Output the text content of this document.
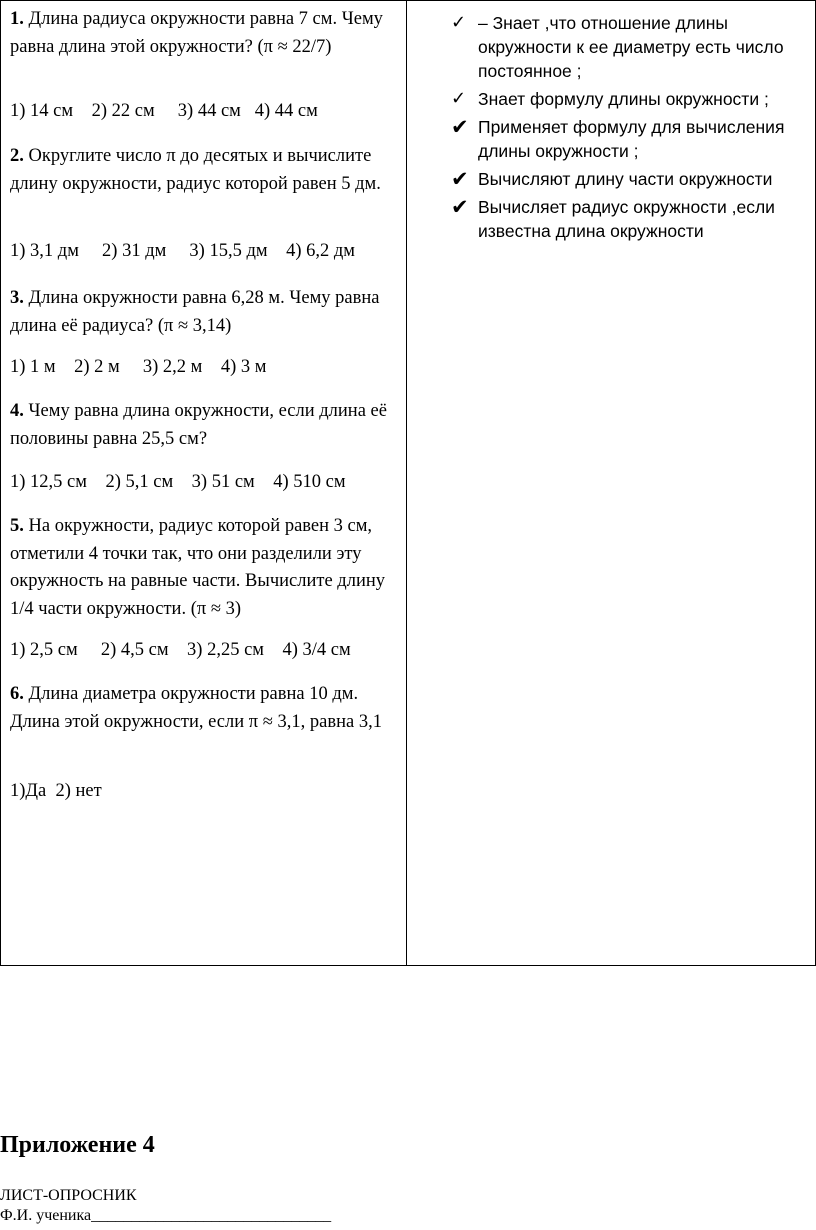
1. Длина радиуса окружности равна 7 см. Чему равна длина этой окружности? (π ≈ 22/7)

1) 14 см    2) 22 см     3) 44 см   4) 44 см

2. Округлите число π до десятых и вычислите длину окружности, радиус которой равен 5 дм.

1) 3,1 дм     2) 31 дм     3) 15,5 дм    4) 6,2 дм

3. Длина окружности равна 6,28 м. Чему равна длина её радиуса? (π ≈ 3,14)

1) 1 м    2) 2 м     3) 2,2 м    4) 3 м

4. Чему равна длина окружности, если длина её половины равна 25,5 см?

1) 12,5 см    2) 5,1 см    3) 51 см    4) 510 см

5. На окружности, радиус которой равен 3 см, отметили 4 точки так, что они разделили эту окружность на равные части. Вычислите длину 1/4 части окружности. (π ≈ 3)

1) 2,5 см     2) 4,5 см    3) 2,25 см    4) 3/4 см

6. Длина диаметра окружности равна 10 дм. Длина этой окружности, если π ≈ 3,1, равна 3,1

1)Да  2) нет

✓ – Знает ,что отношение длины окружности к ее диаметру есть число постоянное ;
✓ Знает формулу длины окружности ;
✔ Применяет формулу для вычисления длины окружности ;
✔ Вычисляют длину части окружности
✔ Вычисляет радиус окружности ,если известна длина окружности
Приложение 4
ЛИСТ-ОПРОСНИК
Ф.И. ученика______________________________
